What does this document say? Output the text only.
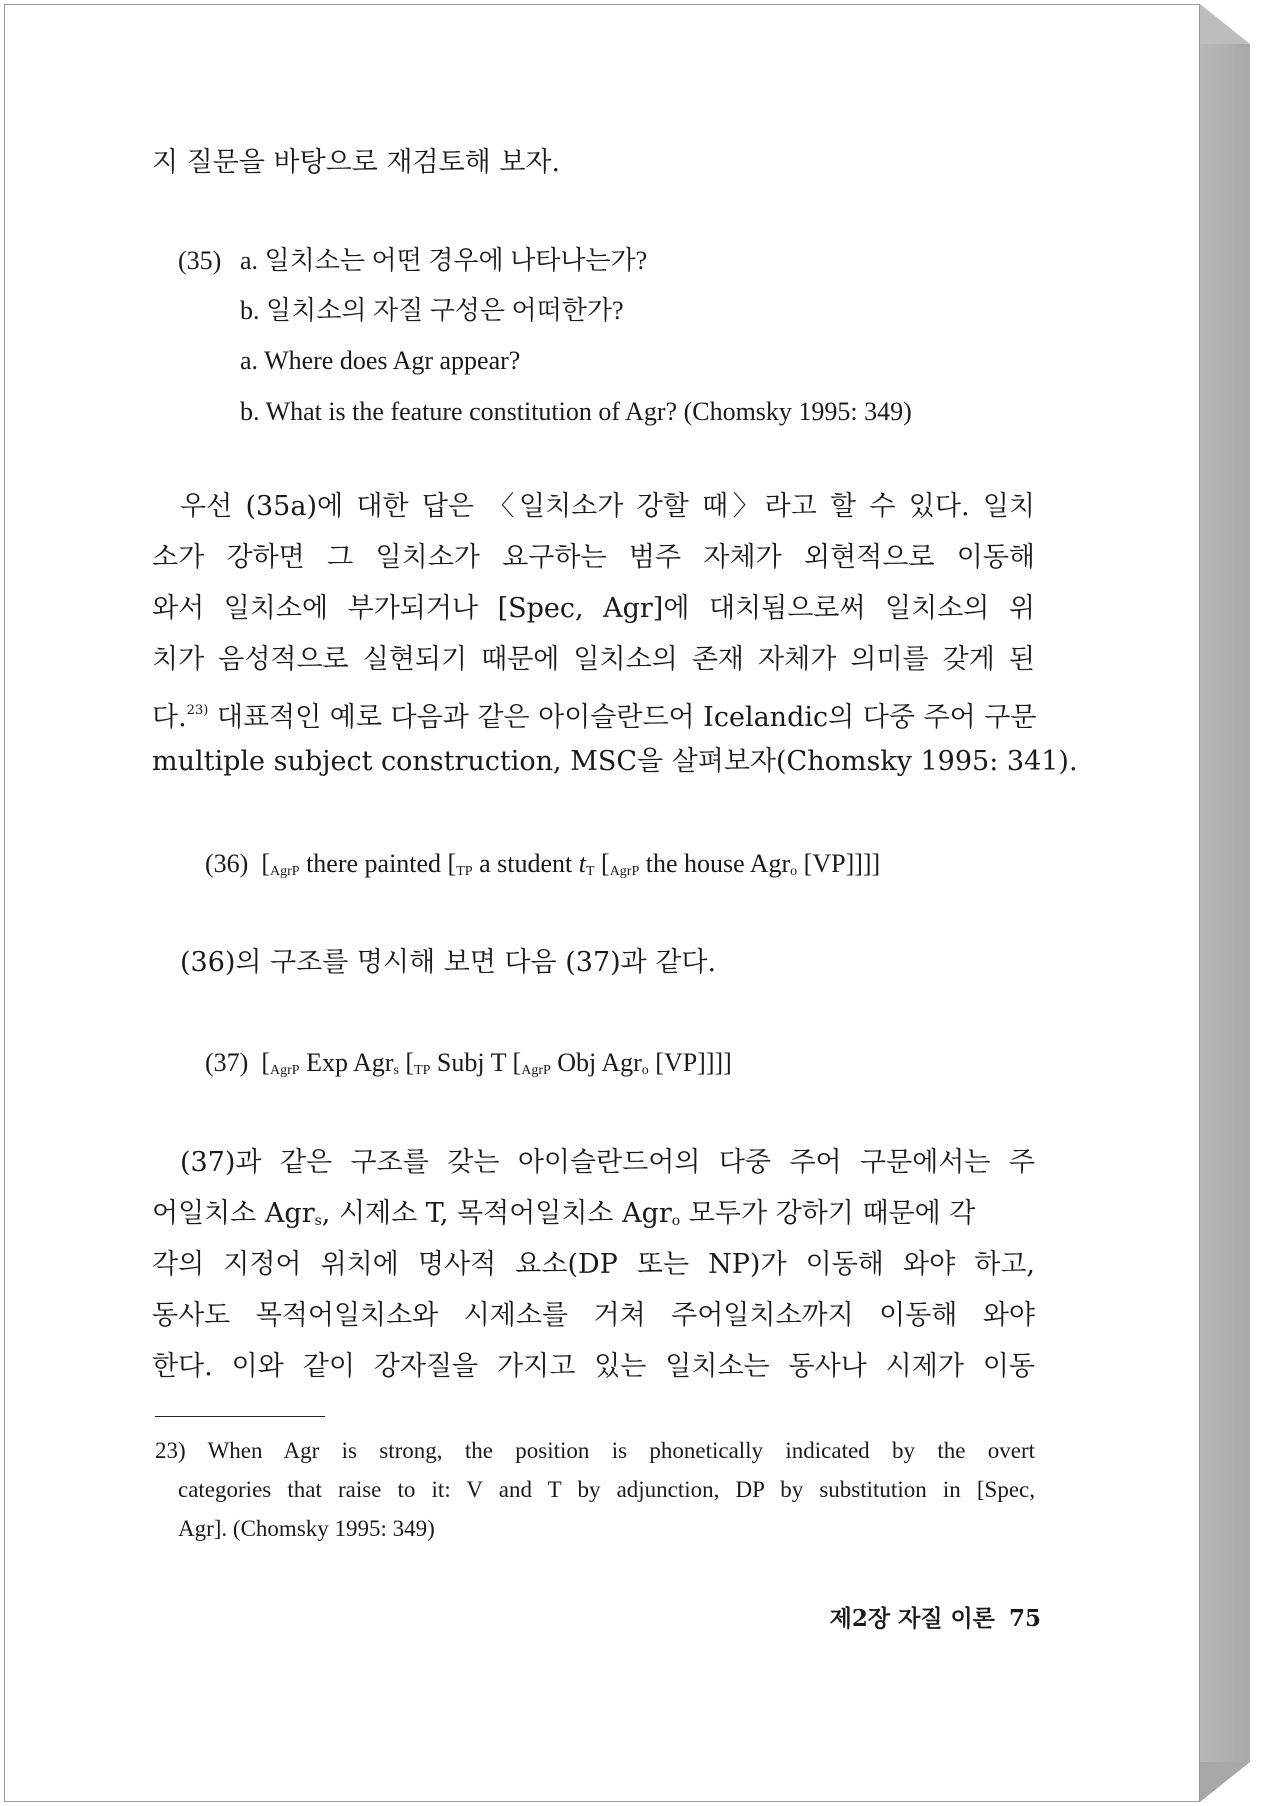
지 질문을 바탕으로 재검토해 보자.
(35) a. 일치소는 어떤 경우에 나타나는가?
b. 일치소의 자질 구성은 어떠한가?
a. Where does Agr appear?
b. What is the feature constitution of Agr? (Chomsky 1995: 349)
우선 (35a)에 대한 답은 〈일치소가 강할 때〉라고 할 수 있다. 일치
소가 강하면 그 일치소가 요구하는 범주 자체가 외현적으로 이동해
와서 일치소에 부가되거나 [Spec, Agr]에 대치됨으로써 일치소의 위
치가 음성적으로 실현되기 때문에 일치소의 존재 자체가 의미를 갖게 된
다.$^{23)}$ 대표적인 예로 다음과 같은 아이슬란드어 Icelandic의 다중 주어 구문
multiple subject construction, MSC을 살펴보자(Chomsky 1995: 341).
(36) [$_{AgrP}$ there painted [$_{TP}$ a student $t_T$ [$_{AgrP}$ the house Agr$_o$ [VP]]]]
(36)의 구조를 명시해 보면 다음 (37)과 같다.
(37) [$_{AgrP}$ Exp Agr$_s$ [$_{TP}$ Subj T [$_{AgrP}$ Obj Agr$_o$ [VP]]]]
(37)과 같은 구조를 갖는 아이슬란드어의 다중 주어 구문에서는 주
어일치소 Agr$_s$, 시제소 T, 목적어일치소 Agr$_o$ 모두가 강하기 때문에 각
각의 지정어 위치에 명사적 요소(DP 또는 NP)가 이동해 와야 하고,
동사도 목적어일치소와 시제소를 거쳐 주어일치소까지 이동해 와야
한다. 이와 같이 강자질을 가지고 있는 일치소는 동사나 시제가 이동
23) When Agr is strong, the position is phonetically indicated by the overt
categories that raise to it: V and T by adjunction, DP by substitution in [Spec,
Agr]. (Chomsky 1995: 349)
제2장 자질 이론 75
